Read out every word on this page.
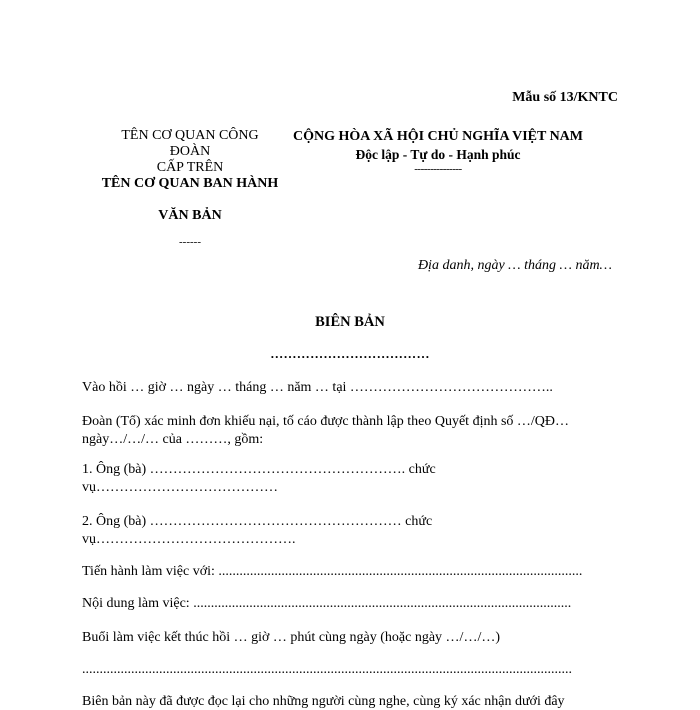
Mẫu số 13/KNTC
TÊN CƠ QUAN CÔNG
ĐOÀN
CẤP TRÊN
TÊN CƠ QUAN BAN HÀNH
VĂN BẢN
------
CỘNG HÒA XÃ HỘI CHỦ NGHĨA VIỆT NAM
Độc lập - Tự do - Hạnh phúc
---------------
Địa danh, ngày … tháng … năm…
BIÊN BẢN
………………………………
Vào hồi … giờ … ngày … tháng … năm … tại ……………………………………..
Đoàn (Tổ) xác minh đơn khiếu nại, tố cáo được thành lập theo Quyết định số …/QĐ…
ngày…/…/… của ………, gồm:
1. Ông (bà) ………………………………………………. chức
vụ…………………………………
2. Ông (bà) ……………………………………………… chức
vụ…………………………………….
Tiến hành làm việc với: ........................................................................................................
Nội dung làm việc: ............................................................................................................
Buổi làm việc kết thúc hồi … giờ … phút cùng ngày (hoặc ngày …/…/…)
............................................................................................................................................
Biên bản này đã được đọc lại cho những người cùng nghe, cùng ký xác nhận dưới đây
